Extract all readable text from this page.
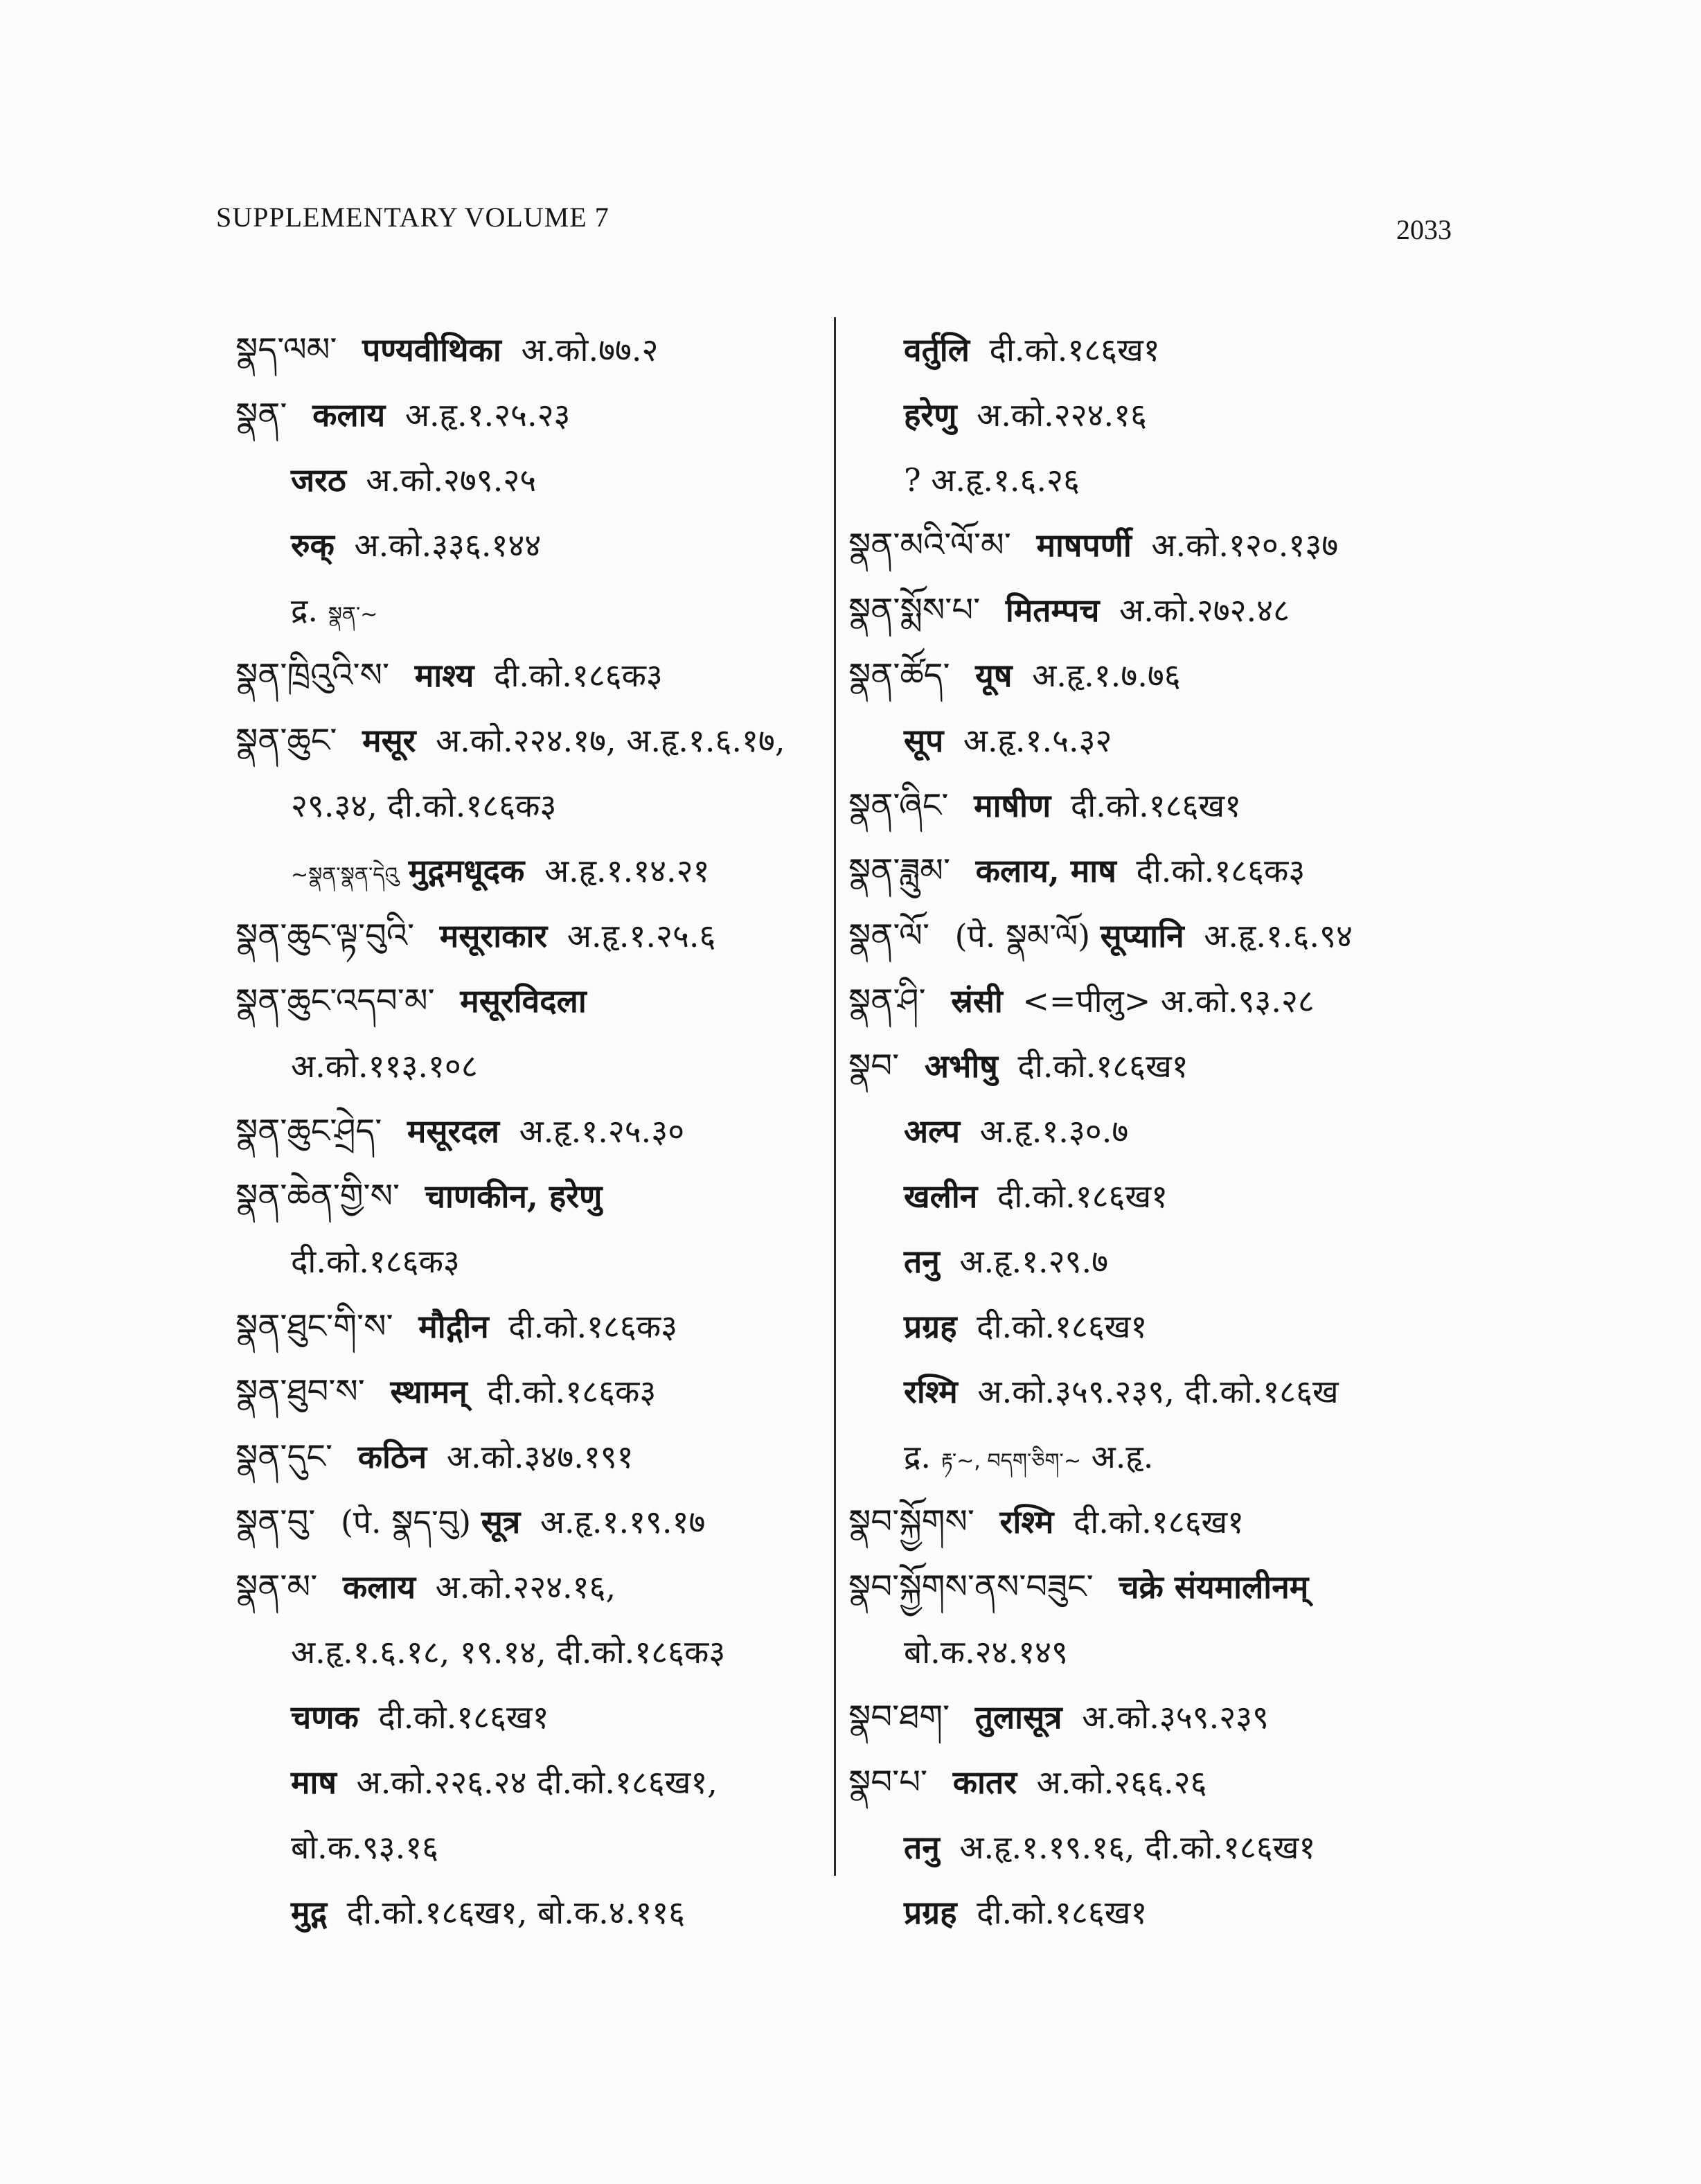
SUPPLEMENTARY VOLUME 7	2033
སྣད་ལམ་ पण्यवीथिका अ.को.७७.२
སྣན་ कलाय अ.हृ.१.२५.२३
जरठ अ.को.२७९.२५
रुक् अ.को.३३६.१४४
द्र. སྣན་~
སྣན་ཁྲིའུའི་ས་ माश्य दी.को.१८६क३
སྣན་ཆུང་ मसूर अ.को.२२४.१७, अ.हृ.१.६.१७,
२९.३४, दी.को.१८६क३
~སྣན་སྣན་དེའུ मुद्गमधूदक अ.हृ.१.१४.२१
སྣན་ཆུང་ལྟ་བུའི་ मसूराकार अ.हृ.१.२५.६
སྣན་ཆུང་འདབ་མ་ मसूरविदला
अ.को.११३.१०८
སྣན་ཆུང་ཤྲེད་ मसूरदल अ.हृ.१.२५.३०
སྣན་ཆེན་གྱི་ས་ चाणकीन, हरेणु
दी.को.१८६क३
སྣན་ཐུང་གི་ས་ मौद्गीन दी.को.१८६क३
སྣན་ཐུབ་ས་ स्थामन् दी.को.१८६क३
སྣན་དུང་ कठिन अ.को.३४७.१९१
སྣན་བུ་ (पे. སྣད་བུ) सूत्र अ.हृ.१.१९.१७
སྣན་མ་ कलाय अ.को.२२४.१६,
अ.हृ.१.६.१८, १९.१४, दी.को.१८६क३
चणक दी.को.१८६ख१
माष अ.को.२२६.२४ दी.को.१८६ख१,
बो.क.९३.१६
मुद्ग दी.को.१८६ख१, बो.क.४.११६
वर्तुलि दी.को.१८६ख१
हरेणु अ.को.२२४.१६
? अ.हृ.१.६.२६
སྣན་མའི་ལོ་མ་ माषपर्णी अ.को.१२०.१३७
སྣན་སྨོས་པ་ मितम्पच अ.को.२७२.४८
སྣན་ཚོད་ यूष अ.हृ.१.७.७६
सूप अ.हृ.१.५.३२
སྣན་ཞིང་ माषीण दी.को.१८६ख१
སྣན་ཟླུམ་ कलाय, माष दी.को.१८६क३
སྣན་ལོ་ (पे. སྣམ་ལོ) सूप्यानि अ.हृ.१.६.९४
སྣན་ཤི་ स्रंसी <=पीलु> अ.को.९३.२८
སྣབ་ अभीषु दी.को.१८६ख१
अल्प अ.हृ.१.३०.७
खलीन दी.को.१८६ख१
तनु अ.हृ.१.२९.७
प्रग्रह दी.को.१८६ख१
रश्मि अ.को.३५९.२३९, दी.को.१८६ख
द्र. རྟ་~, བདག་ཅིག་~ अ.हृ.
སྣབ་སྐྱོགས་ रश्मि दी.को.१८६ख१
སྣབ་སྐྱོགས་ནས་བཟུང་ चक्रे संयमालीनम्
बो.क.२४.१४९
སྣབ་ཐག་ तुलासूत्र अ.को.३५९.२३९
སྣབ་པ་ कातर अ.को.२६६.२६
तनु अ.हृ.१.१९.१६, दी.को.१८६ख१
प्रग्रह दी.को.१८६ख१
